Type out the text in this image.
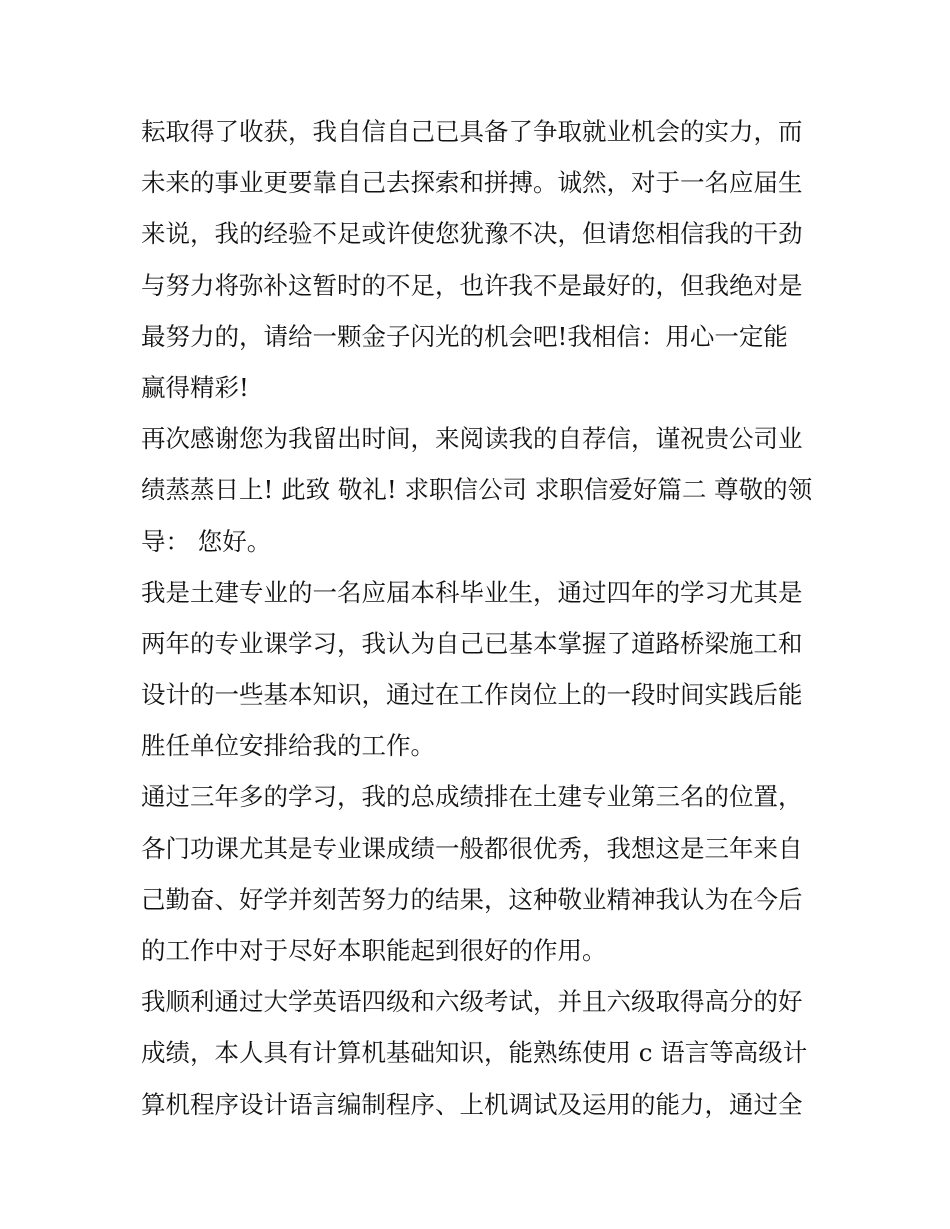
耘取得了收获，我自信自己已具备了争取就业机会的实力，而
未来的事业更要靠自己去探索和拼搏。诚然，对于一名应届生
来说，我的经验不足或许使您犹豫不决，但请您相信我的干劲
与努力将弥补这暂时的不足，也许我不是最好的，但我绝对是
最努力的，请给一颗金子闪光的机会吧!我相信：用心一定能
赢得精彩!
再次感谢您为我留出时间，来阅读我的自荐信，谨祝贵公司业
绩蒸蒸日上! 此致 敬礼! 求职信公司 求职信爱好篇二 尊敬的领
导： 您好。
我是土建专业的一名应届本科毕业生，通过四年的学习尤其是
两年的专业课学习，我认为自己已基本掌握了道路桥梁施工和
设计的一些基本知识，通过在工作岗位上的一段时间实践后能
胜任单位安排给我的工作。
通过三年多的学习，我的总成绩排在土建专业第三名的位置，
各门功课尤其是专业课成绩一般都很优秀，我想这是三年来自
己勤奋、好学并刻苦努力的结果，这种敬业精神我认为在今后
的工作中对于尽好本职能起到很好的作用。
我顺利通过大学英语四级和六级考试，并且六级取得高分的好
成绩，本人具有计算机基础知识，能熟练使用 c 语言等高级计
算机程序设计语言编制程序、上机调试及运用的能力，通过全
